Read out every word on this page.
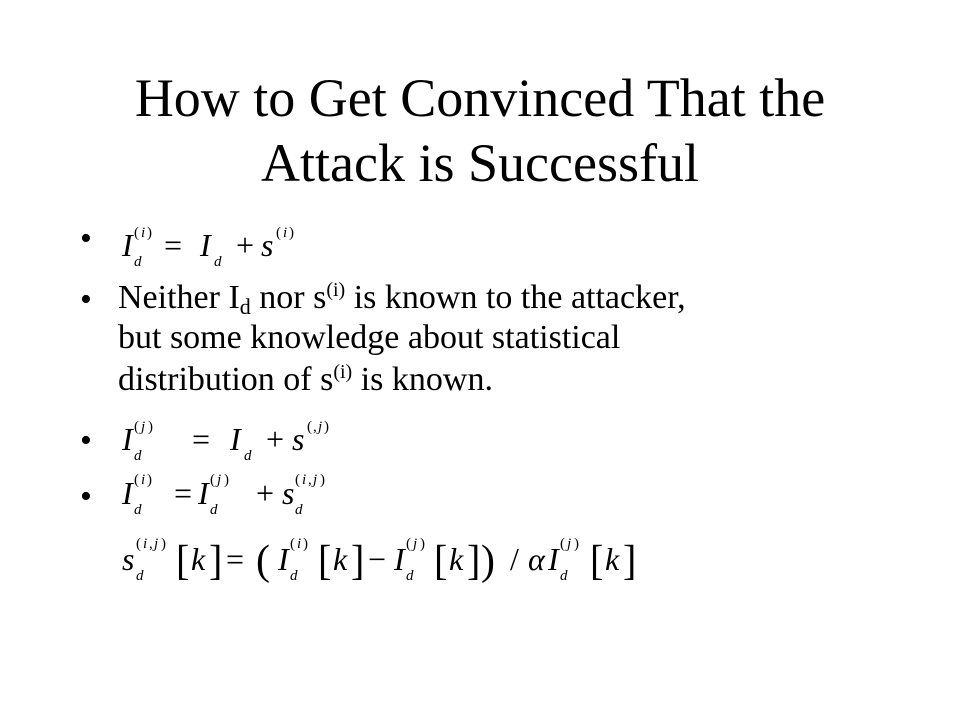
How to Get Convinced That the
Attack is Successful
• I d
( i ) = I d + s ( i )
• Neither $I_d$ nor $s^{(i)}$ is known to the attacker,
but some knowledge about statistical
distribution of $s^{(i)}$ is known.
• I d
( j ) = I d + s ( , j )
• I d
( i ) = I d
( j ) + s d
( i , j )
s d
( i , j ) [ k ] = ( I d
( i ) [ k ] − I d
( j ) [ k ] ) / α I d
( j ) [ k ]
